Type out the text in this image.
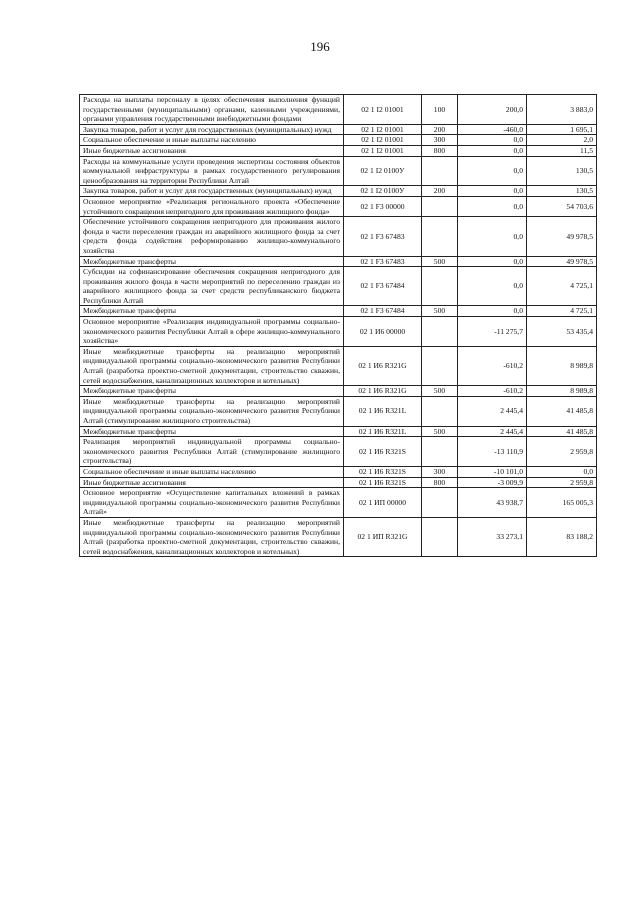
196
Расходы на выплаты персоналу в целях обеспечения выполнения функций государственными (муниципальными) органами, казенными учреждениями, органами управления государственными внебюджетными фондами	02 1 I2 01001	100	200,0	3 883,0
Закупка товаров, работ и услуг для государственных (муниципальных) нужд	02 1 I2 01001	200	-460,0	1 695,1
Социальное обеспечение и иные выплаты населению	02 1 I2 01001	300	0,0	2,0
Иные бюджетные ассигнования	02 1 I2 01001	800	0,0	11,5
Расходы на коммунальные услуги проведения экспертизы состояния объектов коммунальной инфраструктуры в рамках государственного регулирования ценообразования на территории Республики Алтай	02 1 I2 0100У		0,0	130,5
Закупка товаров, работ и услуг для государственных (муниципальных) нужд	02 1 I2 0100У	200	0,0	130,5
Основное мероприятие «Реализация регионального проекта «Обеспечение устойчивого сокращения непригодного для проживания жилищного фонда»	02 1 F3 00000		0,0	54 703,6
Обеспечение устойчивого сокращения непригодного для проживания жилого фонда в части переселения граждан из аварийного жилищного фонда за счет средств фонда содействия реформированию жилищно-коммунального хозяйства	02 1 F3 67483		0,0	49 978,5
Межбюджетные трансферты	02 1 F3 67483	500	0,0	49 978,5
Субсидии на софинансирование обеспечения сокращения непригодного для проживания жилого фонда в части мероприятий по переселению граждан из аварийного жилищного фонда за счет средств республиканского бюджета Республики Алтай	02 1 F3 67484		0,0	4 725,1
Межбюджетные трансферты	02 1 F3 67484	500	0,0	4 725,1
Основное мероприятие «Реализация индивидуальной программы социально-экономического развития Республики Алтай в сфере жилищно-коммунального хозяйства»	02 1 И6 00000		-11 275,7	53 435,4
Иные межбюджетные трансферты на реализацию мероприятий индивидуальной программы социально-экономического развития Республики Алтай (разработка проектно-сметной документации, строительство скважин, сетей водоснабжения, канализационных коллекторов и котельных)	02 1 И6 R321G		-610,2	8 989,8
Межбюджетные трансферты	02 1 И6 R321G	500	-610,2	8 989,8
Иные межбюджетные трансферты на реализацию мероприятий индивидуальной программы социально-экономического развития Республики Алтай (стимулирование жилищного строительства)	02 1 И6 R321L		2 445,4	41 485,8
Межбюджетные трансферты	02 1 И6 R321L	500	2 445,4	41 485,8
Реализация мероприятий индивидуальной программы социально-экономического развития Республики Алтай (стимулирование жилищного строительства)	02 1 И6 R321S		-13 110,9	2 959,8
Социальное обеспечение и иные выплаты населению	02 1 И6 R321S	300	-10 101,0	0,0
Иные бюджетные ассигнования	02 1 И6 R321S	800	-3 009,9	2 959,8
Основное мероприятие «Осуществление капитальных вложений в рамках индивидуальной программы социально-экономического развития Республики Алтай»	02 1 ИП 00000		43 938,7	165 005,3
Иные межбюджетные трансферты на реализацию мероприятий индивидуальной программы социально-экономического развития Республики Алтай (разработка проектно-сметной документации, строительство скважин, сетей водоснабжения, канализационных коллекторов и котельных)	02 1 ИП R321G		33 273,1	83 188,2
